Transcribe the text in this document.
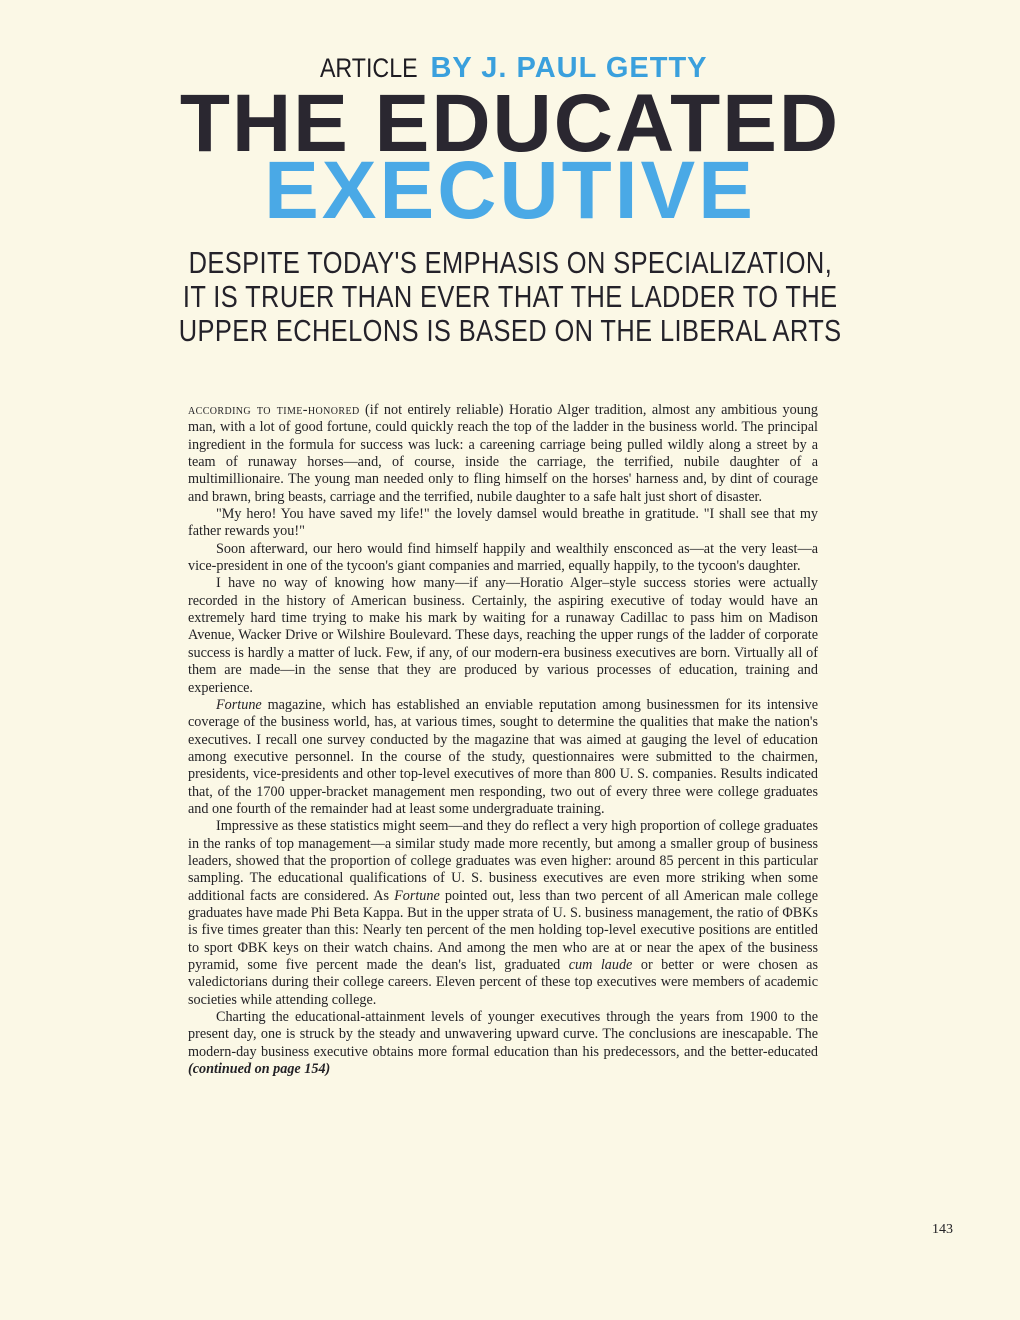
ARTICLE BY J. PAUL GETTY
THE EDUCATED
EXECUTIVE
DESPITE TODAY'S EMPHASIS ON SPECIALIZATION,
IT IS TRUER THAN EVER THAT THE LADDER TO THE
UPPER ECHELONS IS BASED ON THE LIBERAL ARTS

according to time-honored (if not entirely reliable) Horatio Alger tradition, almost any ambitious young man, with a lot of good fortune, could quickly reach the top of the ladder in the business world. The principal ingredient in the formula for success was luck: a careening carriage being pulled wildly along a street by a team of runaway horses—and, of course, inside the carriage, the terrified, nubile daughter of a multimillionaire. The young man needed only to fling himself on the horses' harness and, by dint of courage and brawn, bring beasts, carriage and the terrified, nubile daughter to a safe halt just short of disaster.

"My hero! You have saved my life!" the lovely damsel would breathe in gratitude. "I shall see that my father rewards you!"

Soon afterward, our hero would find himself happily and wealthily ensconced as—at the very least—a vice-president in one of the tycoon's giant companies and married, equally happily, to the tycoon's daughter.

I have no way of knowing how many—if any—Horatio Alger–style success stories were actually recorded in the history of American business. Certainly, the aspiring executive of today would have an extremely hard time trying to make his mark by waiting for a runaway Cadillac to pass him on Madison Avenue, Wacker Drive or Wilshire Boulevard. These days, reaching the upper rungs of the ladder of corporate success is hardly a matter of luck. Few, if any, of our modern-era business executives are born. Virtually all of them are made—in the sense that they are produced by various processes of education, training and experience.

Fortune magazine, which has established an enviable reputation among businessmen for its intensive coverage of the business world, has, at various times, sought to determine the qualities that make the nation's executives. I recall one survey conducted by the magazine that was aimed at gauging the level of education among executive personnel. In the course of the study, questionnaires were submitted to the chairmen, presidents, vice-presidents and other top-level executives of more than 800 U. S. companies. Results indicated that, of the 1700 upper-bracket management men responding, two out of every three were college graduates and one fourth of the remainder had at least some undergraduate training.

Impressive as these statistics might seem—and they do reflect a very high proportion of college graduates in the ranks of top management—a similar study made more recently, but among a smaller group of business leaders, showed that the proportion of college graduates was even higher: around 85 percent in this particular sampling. The educational qualifications of U. S. business executives are even more striking when some additional facts are considered. As Fortune pointed out, less than two percent of all American male college graduates have made Phi Beta Kappa. But in the upper strata of U. S. business management, the ratio of ΦBKs is five times greater than this: Nearly ten percent of the men holding top-level executive positions are entitled to sport ΦBK keys on their watch chains. And among the men who are at or near the apex of the business pyramid, some five percent made the dean's list, graduated cum laude or better or were chosen as valedictorians during their college careers. Eleven percent of these top executives were members of academic societies while attending college.

Charting the educational-attainment levels of younger executives through the years from 1900 to the present day, one is struck by the steady and unwavering upward curve. The conclusions are inescapable. The modern-day business executive obtains more formal education than his predecessors, and the better-educated (continued on page 154)

143
